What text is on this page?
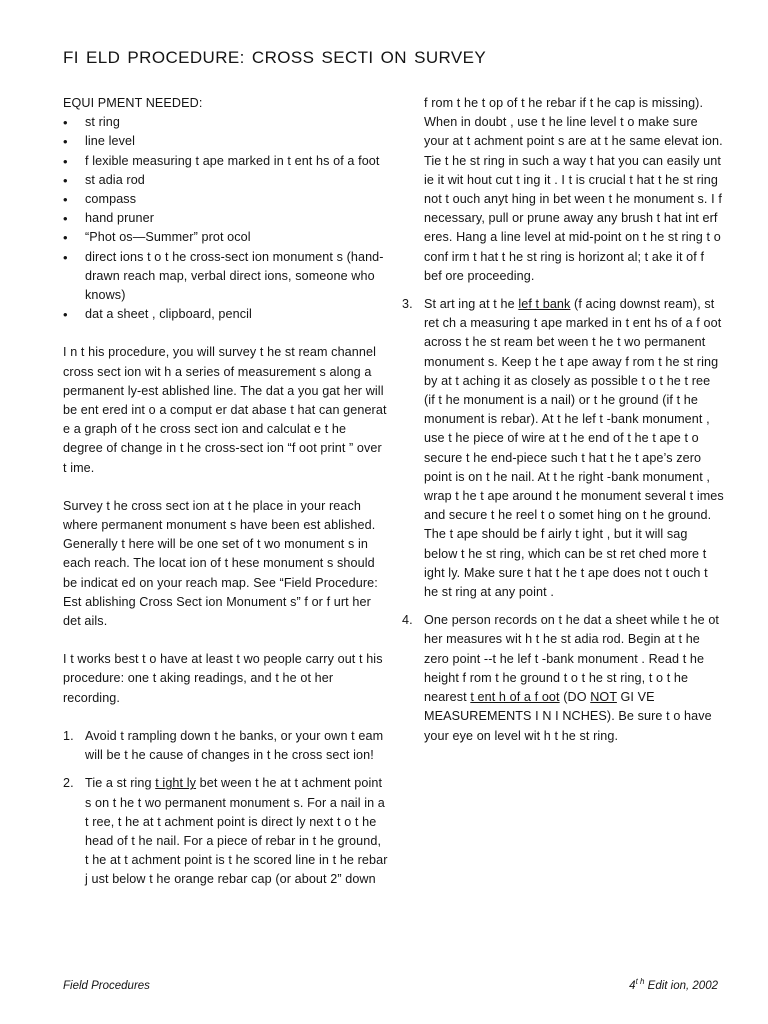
FI ELD PROCEDURE: CROSS SECTI ON SURVEY

EQUI PMENT NEEDED:

• st ring
• line level
• f lexible measuring t ape marked in t ent hs of a foot
• st adia rod
• compass
• hand pruner
• “Phot os—Summer” prot ocol
• direct ions t o t he cross-sect ion monument s (hand-drawn reach map, verbal direct ions, someone who knows)
• dat a sheet , clipboard, pencil

I n t his procedure, you will survey t he st ream channel cross sect ion wit h a series of measurement s along a permanent ly-est ablished line. The dat a you gat her will be ent ered int o a comput er dat abase t hat can generat e a graph of t he cross sect ion and calculat e t he degree of change in t he cross-sect ion “f oot print ” over t ime.

Survey t he cross sect ion at t he place in your reach where permanent monument s have been est ablished. Generally t here will be one set of t wo monument s in each reach. The locat ion of t hese monument s should be indicat ed on your reach map. See “Field Procedure: Est ablishing Cross Sect ion Monument s” f or f urt her det ails.

I t works best t o have at least t wo people carry out t his procedure: one t aking readings, and t he ot her recording.

1. Avoid t rampling down t he banks, or your own t eam will be t he cause of changes in t he cross sect ion!
2. Tie a st ring t ight ly bet ween t he at t achment point s on t he t wo permanent monument s. For a nail in a t ree, t he at t achment point is direct ly next t o t he head of t he nail. For a piece of rebar in t he ground, t he at t achment point is t he scored line in t he rebar j ust below t he orange rebar cap (or about 2” down
f rom t he t op of t he rebar if t he cap is missing). When in doubt , use t he line level t o make sure your at t achment point s are at t he same elevat ion. Tie t he st ring in such a way t hat you can easily unt ie it wit hout cut t ing it . I t is crucial t hat t he st ring not t ouch anyt hing in bet ween t he monument s. I f necessary, pull or prune away any brush t hat int erf eres. Hang a line level at mid-point on t he st ring t o conf irm t hat t he st ring is horizont al; t ake it of f bef ore proceeding.
3. St art ing at t he lef t bank (f acing downst ream), st ret ch a measuring t ape marked in t ent hs of a f oot across t he st ream bet ween t he t wo permanent monument s. Keep t he t ape away f rom t he st ring by at t aching it as closely as possible t o t he t ree (if t he monument is a nail) or t he ground (if t he monument is rebar). At t he lef t -bank monument , use t he piece of wire at t he end of t he t ape t o secure t he end-piece such t hat t he t ape’s zero point is on t he nail. At t he right -bank monument , wrap t he t ape around t he monument several t imes and secure t he reel t o somet hing on t he ground. The t ape should be f airly t ight , but it will sag below t he st ring, which can be st ret ched more t ight ly. Make sure t hat t he t ape does not t ouch t he st ring at any point .
4. One person records on t he dat a sheet while t he ot her measures wit h t he st adia rod. Begin at t he zero point --t he lef t -bank monument . Read t he height f rom t he ground t o t he st ring, t o t he nearest t ent h of a f oot (DO NOT GI VE MEASUREMENTS I N I NCHES). Be sure t o have your eye on level wit h t he st ring.
Field Procedures	$4^{t h}$ Edit ion, 2002
